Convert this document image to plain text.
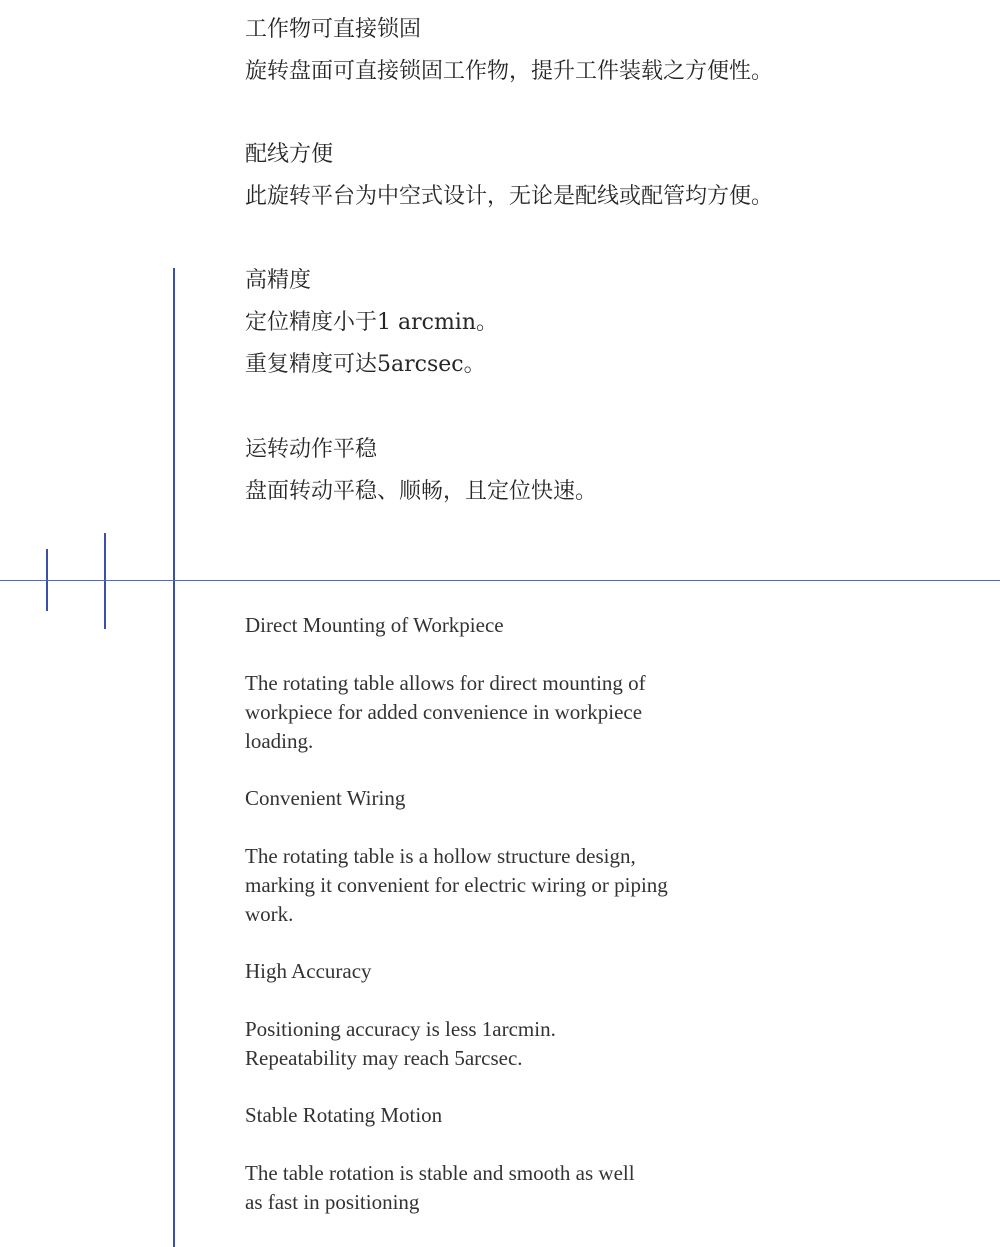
工作物可直接锁固
旋转盘面可直接锁固工作物，提升工件装载之方便性。
配线方便
此旋转平台为中空式设计，无论是配线或配管均方便。
高精度
定位精度小于1 arcmin。
重复精度可达5arcsec。
运转动作平稳
盘面转动平稳、顺畅，且定位快速。
Direct Mounting of Workpiece
The rotating table allows for direct mounting of
workpiece for added convenience in workpiece
loading.
Convenient Wiring
The rotating table is a hollow structure design,
marking it convenient for electric wiring or piping
work.
High Accuracy
Positioning accuracy is less 1arcmin.
Repeatability may reach 5arcsec.
Stable Rotating Motion
The table rotation is stable and smooth as well
as fast in positioning
